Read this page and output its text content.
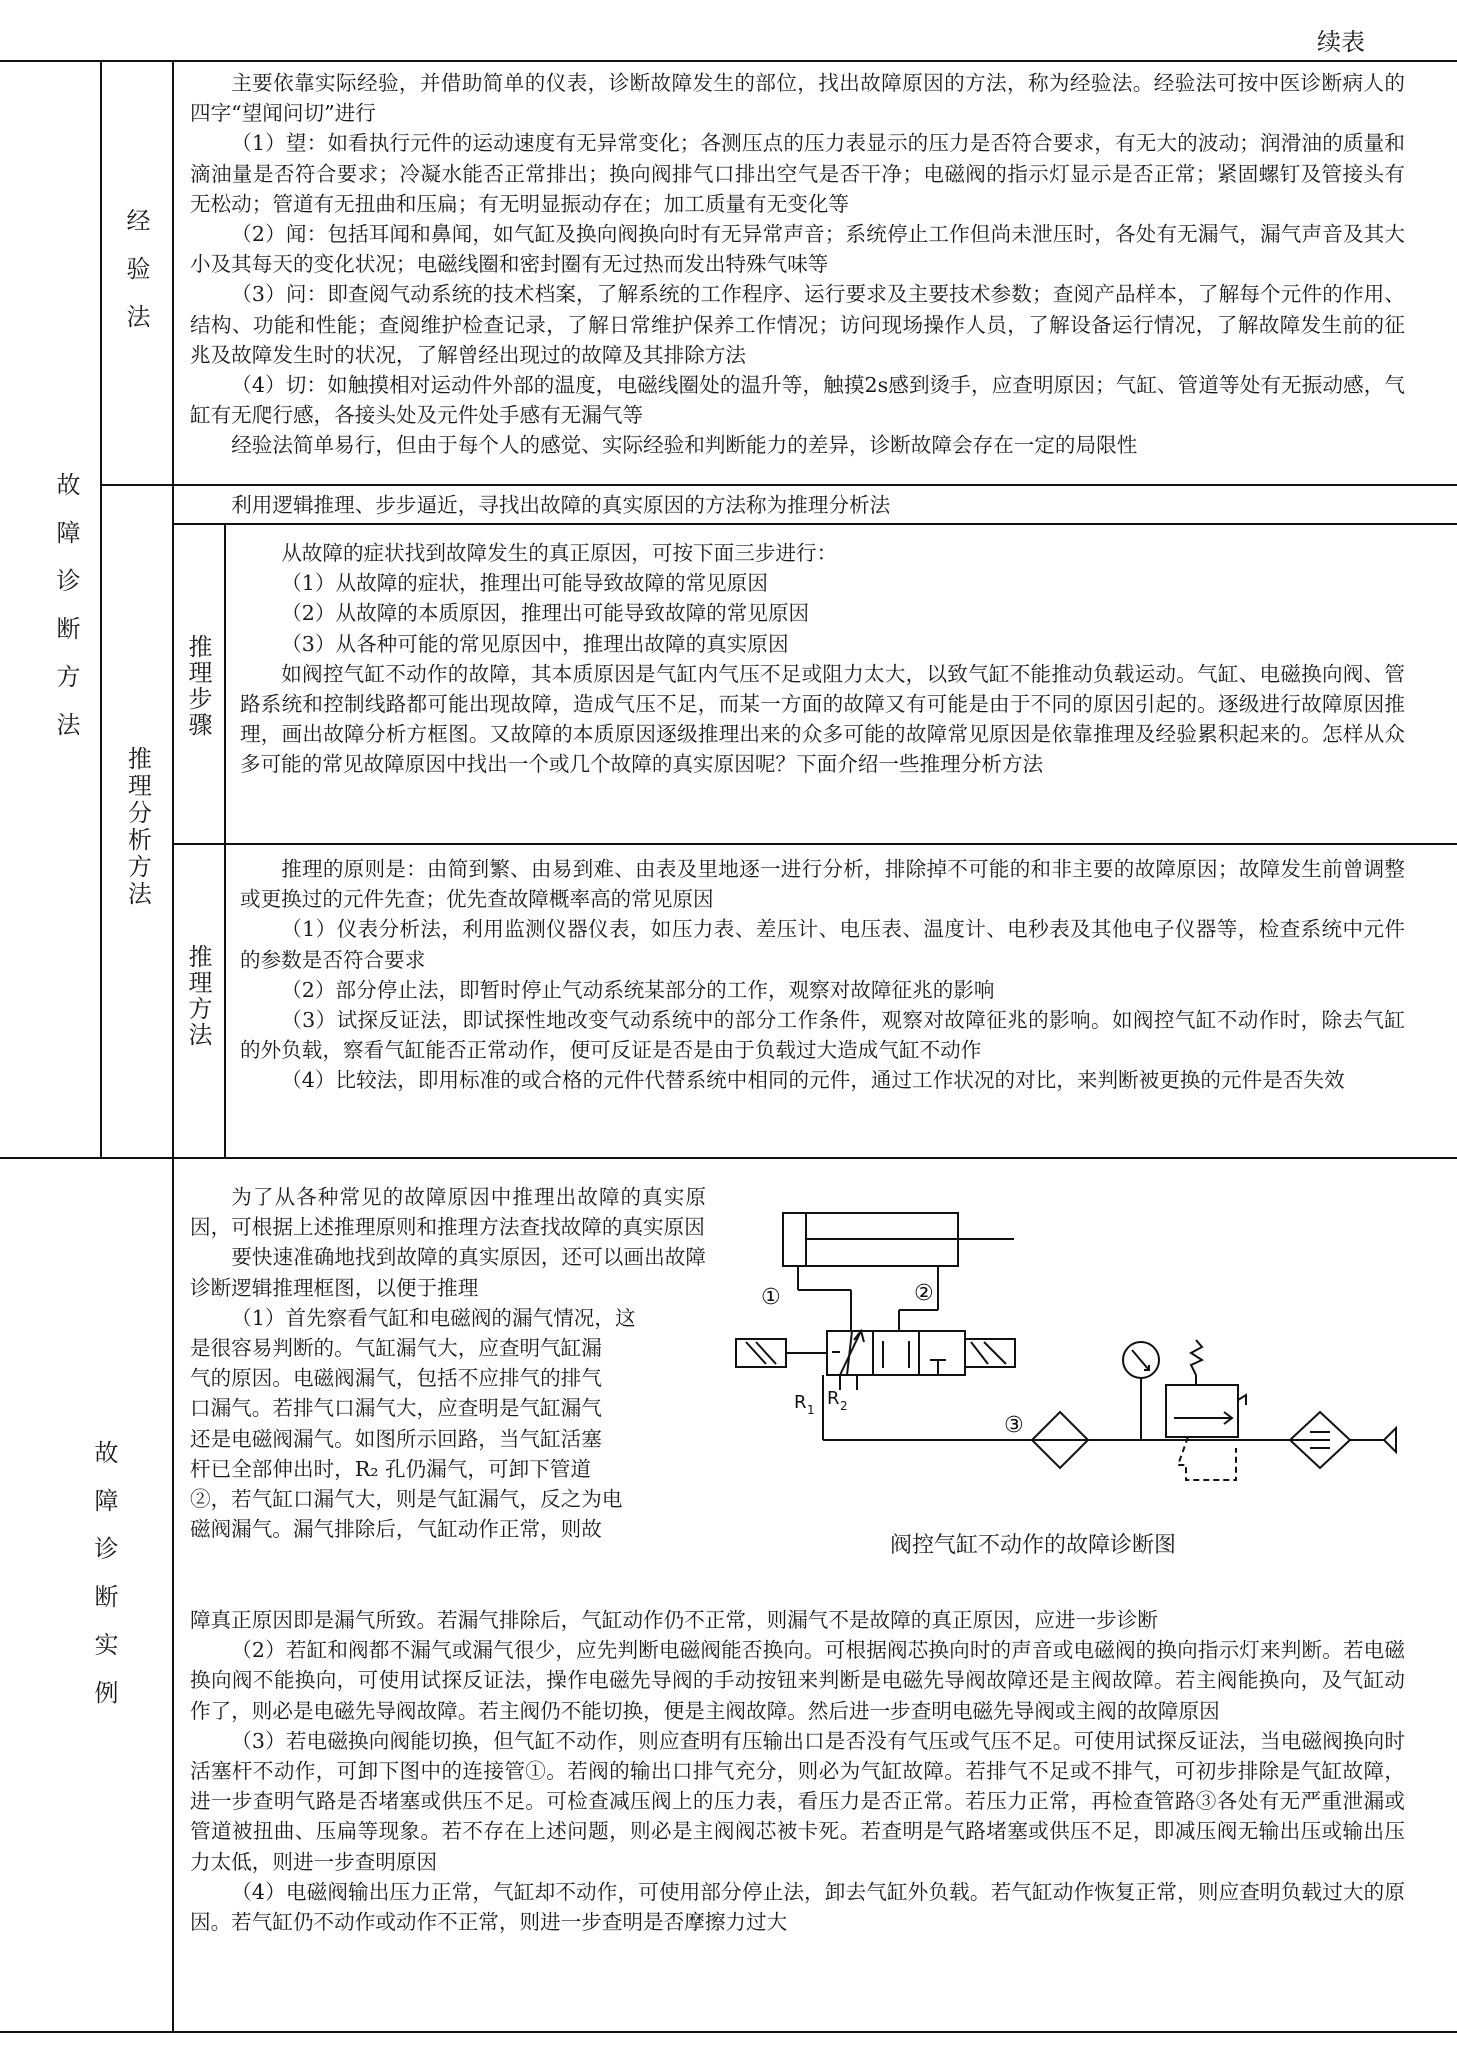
续表
故障诊断方法
经验法
推理分析方法
推理步骤
推理方法
故障诊断实例

主要依靠实际经验，并借助简单的仪表，诊断故障发生的部位，找出故障原因的方法，称为经验法。经验法可按中医诊断病人的四字“望闻问切”进行

（1）望：如看执行元件的运动速度有无异常变化；各测压点的压力表显示的压力是否符合要求，有无大的波动；润滑油的质量和滴油量是否符合要求；冷凝水能否正常排出；换向阀排气口排出空气是否干净；电磁阀的指示灯显示是否正常；紧固螺钉及管接头有无松动；管道有无扭曲和压扁；有无明显振动存在；加工质量有无变化等

（2）闻：包括耳闻和鼻闻，如气缸及换向阀换向时有无异常声音；系统停止工作但尚未泄压时，各处有无漏气，漏气声音及其大小及其每天的变化状况；电磁线圈和密封圈有无过热而发出特殊气味等

（3）问：即查阅气动系统的技术档案，了解系统的工作程序、运行要求及主要技术参数；查阅产品样本，了解每个元件的作用、结构、功能和性能；查阅维护检查记录，了解日常维护保养工作情况；访问现场操作人员，了解设备运行情况，了解故障发生前的征兆及故障发生时的状况，了解曾经出现过的故障及其排除方法

（4）切：如触摸相对运动件外部的温度，电磁线圈处的温升等，触摸2s感到烫手，应查明原因；气缸、管道等处有无振动感，气缸有无爬行感，各接头处及元件处手感有无漏气等

经验法简单易行，但由于每个人的感觉、实际经验和判断能力的差异，诊断故障会存在一定的局限性

利用逻辑推理、步步逼近，寻找出故障的真实原因的方法称为推理分析法

从故障的症状找到故障发生的真正原因，可按下面三步进行：

（1）从故障的症状，推理出可能导致故障的常见原因

（2）从故障的本质原因，推理出可能导致故障的常见原因

（3）从各种可能的常见原因中，推理出故障的真实原因

如阀控气缸不动作的故障，其本质原因是气缸内气压不足或阻力太大，以致气缸不能推动负载运动。气缸、电磁换向阀、管路系统和控制线路都可能出现故障，造成气压不足，而某一方面的故障又有可能是由于不同的原因引起的。逐级进行故障原因推理，画出故障分析方框图。又故障的本质原因逐级推理出来的众多可能的故障常见原因是依靠推理及经验累积起来的。怎样从众多可能的常见故障原因中找出一个或几个故障的真实原因呢？下面介绍一些推理分析方法

推理的原则是：由简到繁、由易到难、由表及里地逐一进行分析，排除掉不可能的和非主要的故障原因；故障发生前曾调整或更换过的元件先查；优先查故障概率高的常见原因

（1）仪表分析法，利用监测仪器仪表，如压力表、差压计、电压表、温度计、电秒表及其他电子仪器等，检查系统中元件的参数是否符合要求

（2）部分停止法，即暂时停止气动系统某部分的工作，观察对故障征兆的影响

（3）试探反证法，即试探性地改变气动系统中的部分工作条件，观察对故障征兆的影响。如阀控气缸不动作时，除去气缸的外负载，察看气缸能否正常动作，便可反证是否是由于负载过大造成气缸不动作

（4）比较法，即用标准的或合格的元件代替系统中相同的元件，通过工作状况的对比，来判断被更换的元件是否失效

为了从各种常见的故障原因中推理出故障的真实原因，可根据上述推理原则和推理方法查找故障的真实原因

要快速准确地找到故障的真实原因，还可以画出故障诊断逻辑推理框图，以便于推理

（1）首先察看气缸和电磁阀的漏气情况，这
是很容易判断的。气缸漏气大，应查明气缸漏
气的原因。电磁阀漏气，包括不应排气的排气
口漏气。若排气口漏气大，应查明是气缸漏气
还是电磁阀漏气。如图所示回路，当气缸活塞
杆已全部伸出时，R₂ 孔仍漏气，可卸下管道
②，若气缸口漏气大，则是气缸漏气，反之为电
磁阀漏气。漏气排除后，气缸动作正常，则故
障真正原因即是漏气所致。若漏气排除后，气缸动作仍不正常，则漏气不是故障的真正原因，应进一步诊断

（2）若缸和阀都不漏气或漏气很少，应先判断电磁阀能否换向。可根据阀芯换向时的声音或电磁阀的换向指示灯来判断。若电磁换向阀不能换向，可使用试探反证法，操作电磁先导阀的手动按钮来判断是电磁先导阀故障还是主阀故障。若主阀能换向，及气缸动作了，则必是电磁先导阀故障。若主阀仍不能切换，便是主阀故障。然后进一步查明电磁先导阀或主阀的故障原因

（3）若电磁换向阀能切换，但气缸不动作，则应查明有压输出口是否没有气压或气压不足。可使用试探反证法，当电磁阀换向时活塞杆不动作，可卸下图中的连接管①。若阀的输出口排气充分，则必为气缸故障。若排气不足或不排气，可初步排除是气缸故障，进一步查明气路是否堵塞或供压不足。可检查减压阀上的压力表，看压力是否正常。若压力正常，再检查管路③各处有无严重泄漏或管道被扭曲、压扁等现象。若不存在上述问题，则必是主阀阀芯被卡死。若查明是气路堵塞或供压不足，即减压阀无输出压或输出压力太低，则进一步查明原因

（4）电磁阀输出压力正常，气缸却不动作，可使用部分停止法，卸去气缸外负载。若气缸动作恢复正常，则应查明负载过大的原因。若气缸仍不动作或动作不正常，则进一步查明是否摩擦力过大

①	②
R 1
R 2
③
阀控气缸不动作的故障诊断图
